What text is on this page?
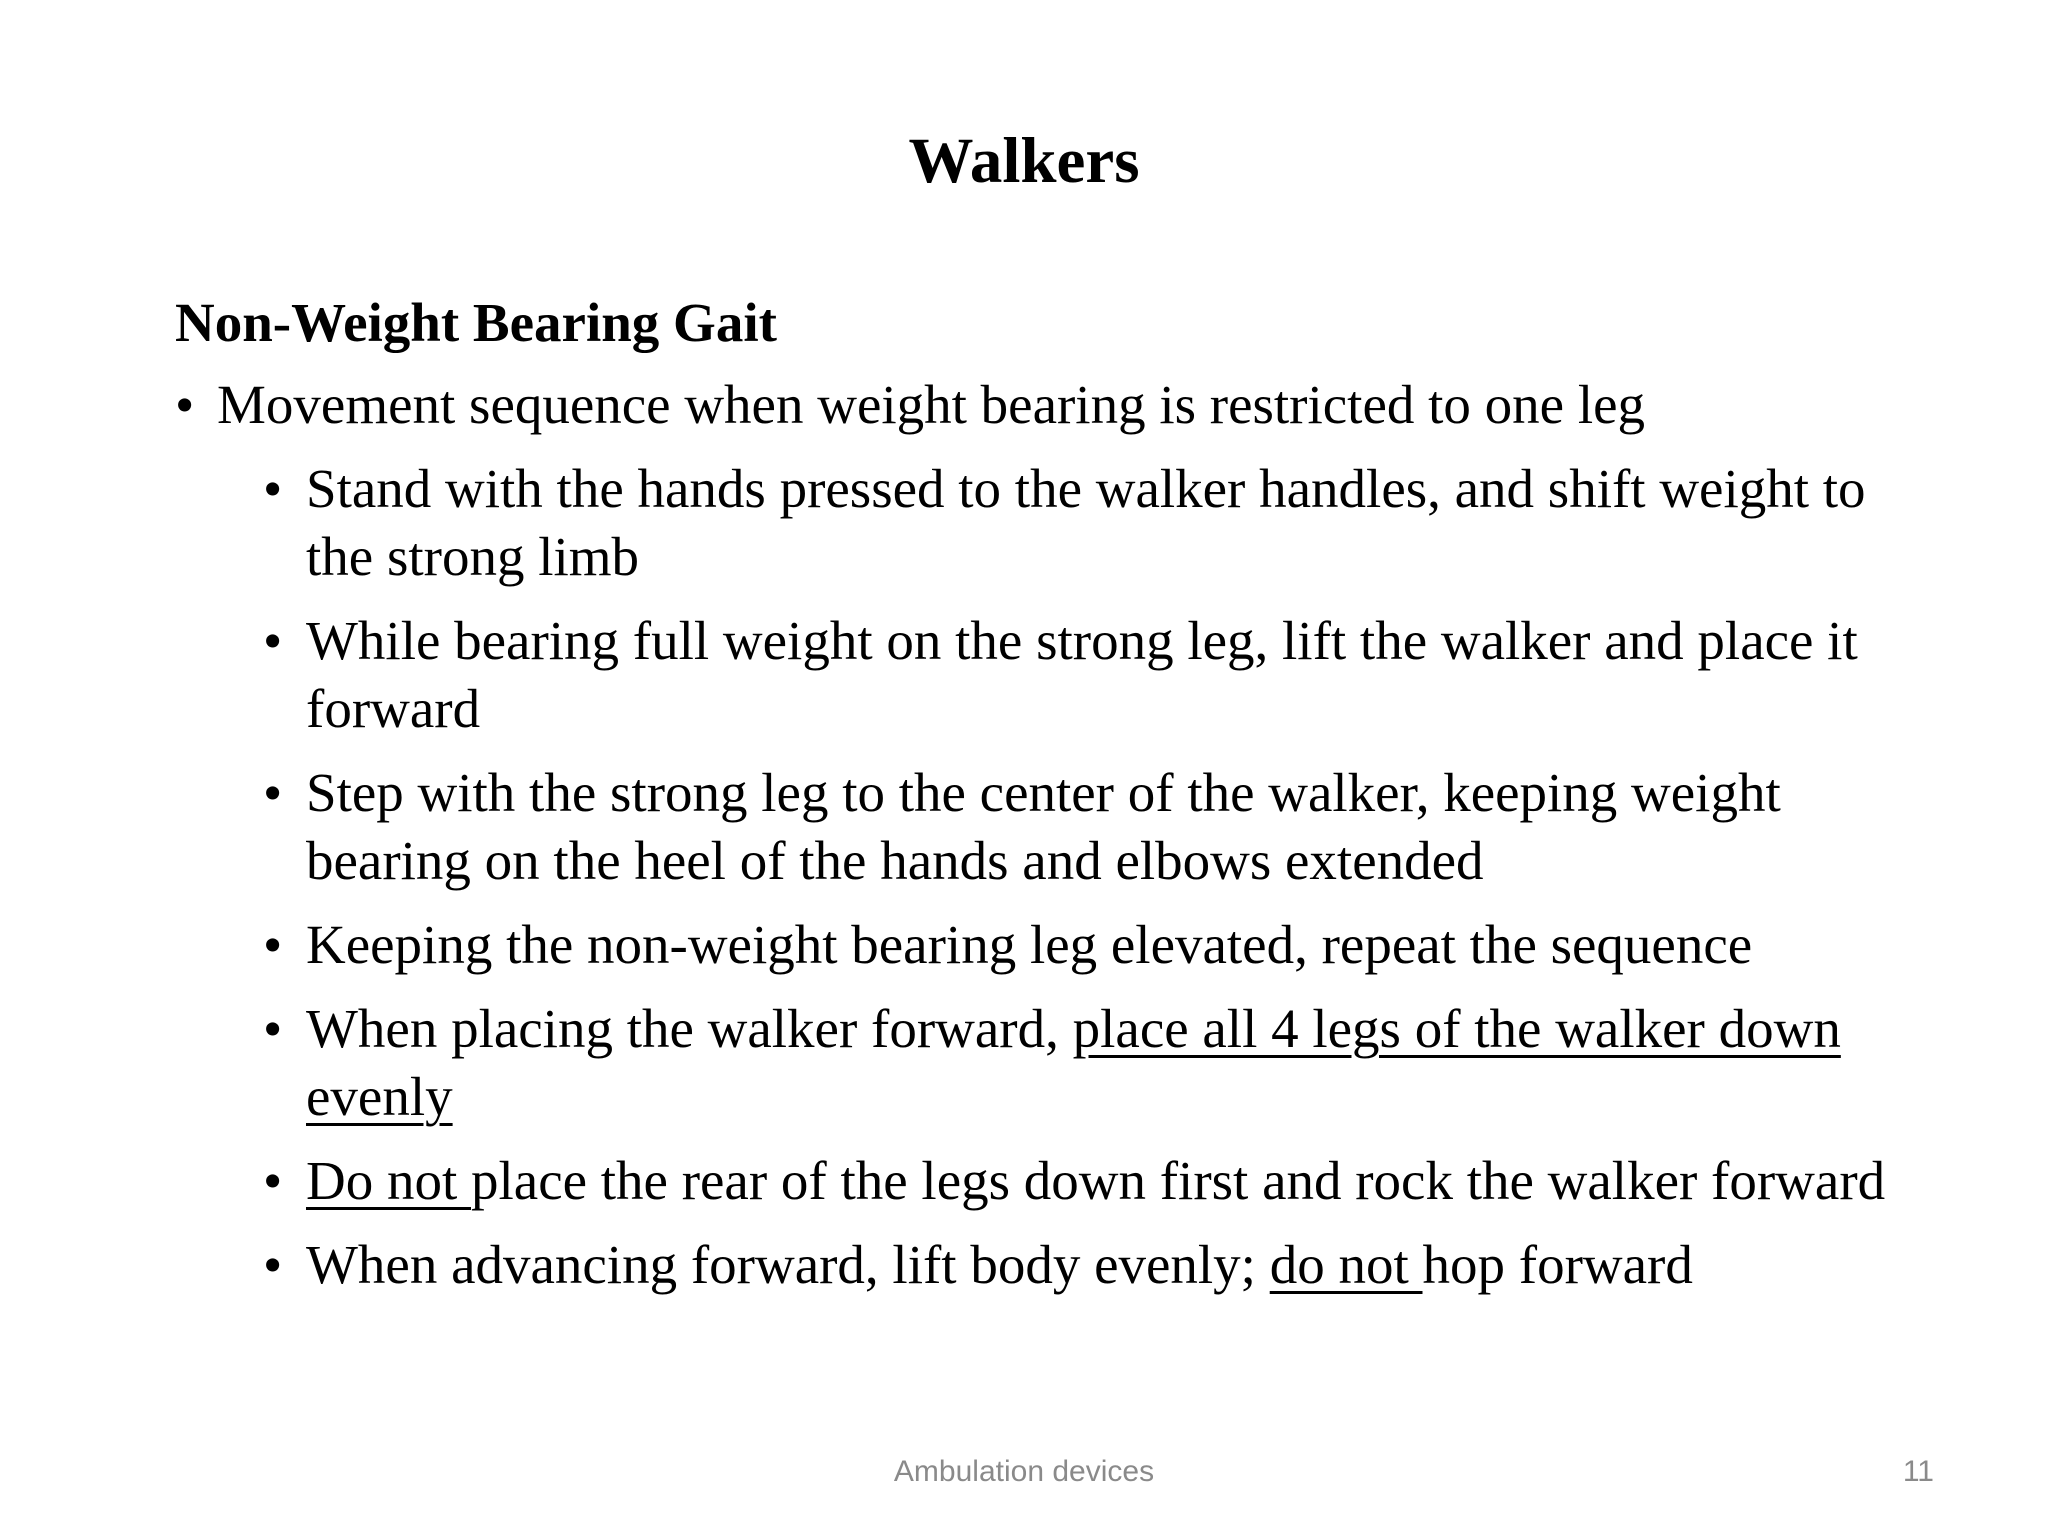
Walkers
Non-Weight Bearing Gait
• Movement sequence when weight bearing is restricted to one leg
• Stand with the hands pressed to the walker handles, and shift weight to the strong limb
• While bearing full weight on the strong leg, lift the walker and place it forward
• Step with the strong leg to the center of the walker, keeping weight bearing on the heel of the hands and elbows extended
• Keeping the non-weight bearing leg elevated, repeat the sequence
• When placing the walker forward, place all 4 legs of the walker down evenly
• Do not place the rear of the legs down first and rock the walker forward
• When advancing forward, lift body evenly; do not hop forward
Ambulation devices	11
